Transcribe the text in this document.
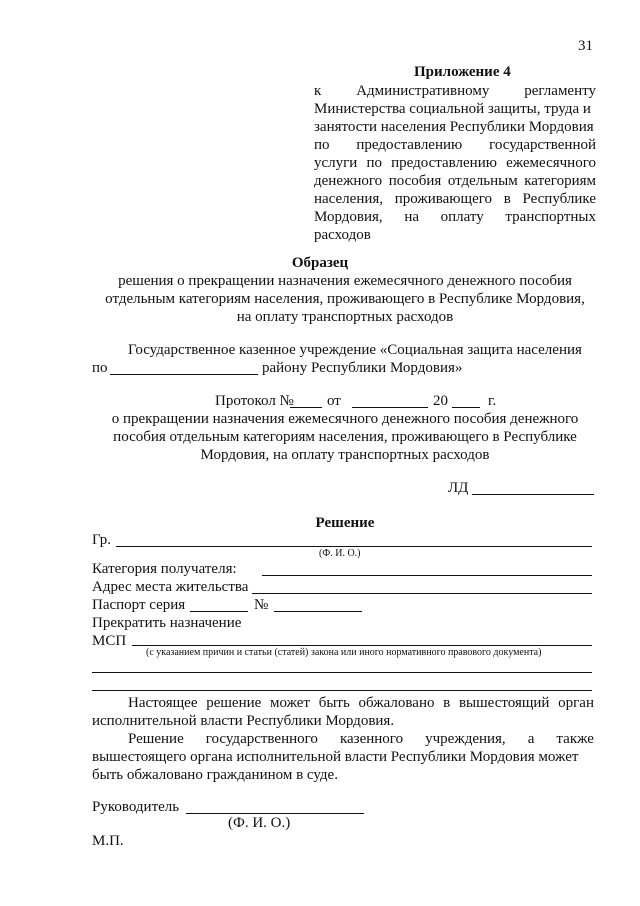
31
Приложение 4
к Административному регламенту
Министерства социальной защиты, труда и
занятости населения Республики Мордовия
по предоставлению государственной
услуги по предоставлению ежемесячного
денежного пособия отдельным категориям
населения, проживающего в Республике
Мордовия, на оплату транспортных
расходов
Образец
решения о прекращении назначения ежемесячного денежного пособия
отдельным категориям населения, проживающего в Республике Мордовия,
на оплату транспортных расходов
Государственное казенное учреждение «Социальная защита населения
по	району Республики Мордовия»
Протокол № от	20	г.
о прекращении назначения ежемесячного денежного пособия денежного
пособия отдельным категориям населения, проживающего в Республике
Мордовия, на оплату транспортных расходов
ЛД
Решение
Гр.
(Ф. И. О.)
Категория получателя:
Адрес места жительства
Паспорт серия	№
Прекратить назначение
МСП
(с указанием причин и статьи (статей) закона или иного нормативного правового документа)
Настоящее решение может быть обжаловано в вышестоящий орган
исполнительной власти Республики Мордовия.
Решение государственного казенного учреждения, а также
вышестоящего органа исполнительной власти Республики Мордовия может
быть обжаловано гражданином в суде.
Руководитель
(Ф. И. О.)
М.П.
